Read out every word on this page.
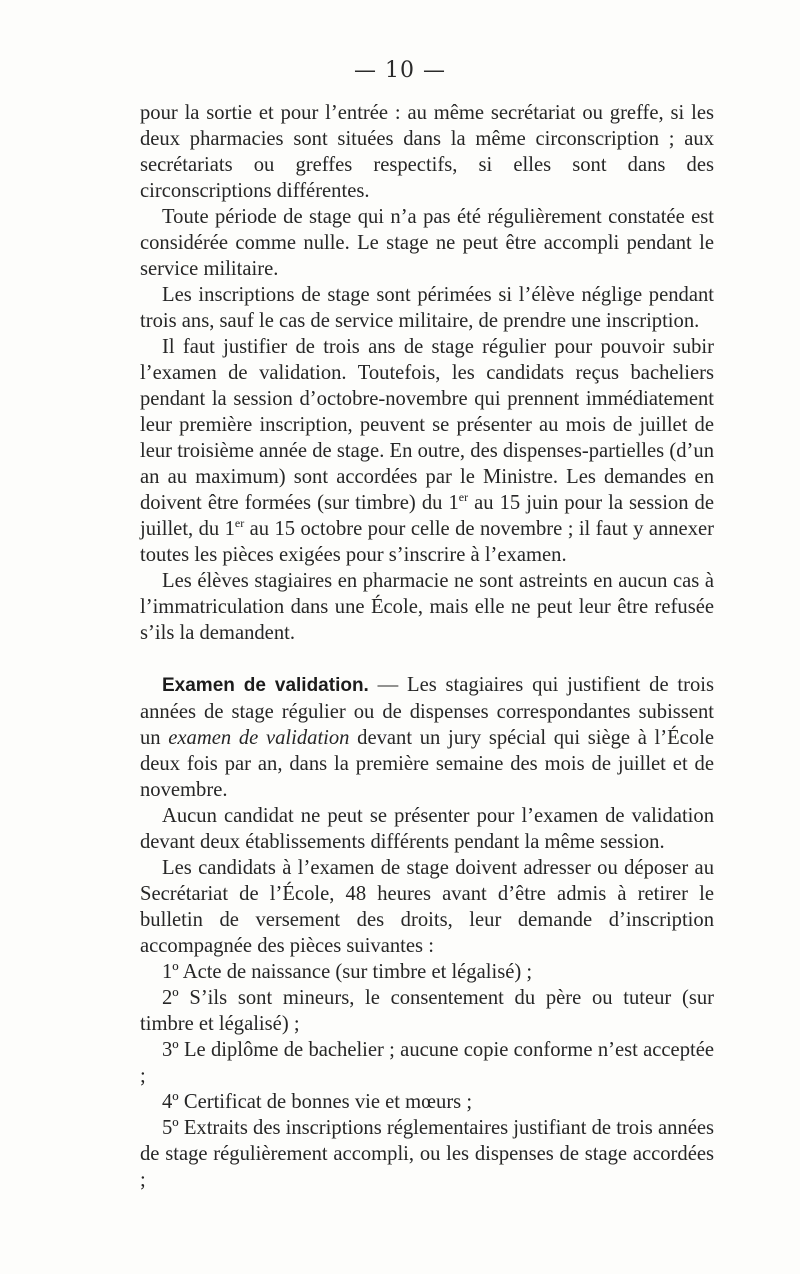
— 10 —

pour la sortie et pour l’entrée : au même secrétariat ou greffe, si les deux pharmacies sont situées dans la même circonscription ; aux secrétariats ou greffes respectifs, si elles sont dans des circonscriptions différentes.

Toute période de stage qui n’a pas été régulièrement constatée est considérée comme nulle. Le stage ne peut être accompli pendant le service militaire.

Les inscriptions de stage sont périmées si l’élève néglige pendant trois ans, sauf le cas de service militaire, de prendre une inscription.

Il faut justifier de trois ans de stage régulier pour pouvoir subir l’examen de validation. Toutefois, les candidats reçus bacheliers pendant la session d’octobre-novembre qui prennent immédiatement leur première inscription, peuvent se présenter au mois de juillet de leur troisième année de stage. En outre, des dispenses-partielles (d’un an au maximum) sont accordées par le Ministre. Les demandes en doivent être formées (sur timbre) du 1er au 15 juin pour la session de juillet, du 1er au 15 octobre pour celle de novembre ; il faut y annexer toutes les pièces exigées pour s’inscrire à l’examen.

Les élèves stagiaires en pharmacie ne sont astreints en aucun cas à l’immatriculation dans une École, mais elle ne peut leur être refusée s’ils la demandent.

Examen de validation. — Les stagiaires qui justifient de trois années de stage régulier ou de dispenses correspondantes subissent un examen de validation devant un jury spécial qui siège à l’École deux fois par an, dans la première semaine des mois de juillet et de novembre.

Aucun candidat ne peut se présenter pour l’examen de validation devant deux établissements différents pendant la même session.

Les candidats à l’examen de stage doivent adresser ou déposer au Secrétariat de l’École, 48 heures avant d’être admis à retirer le bulletin de versement des droits, leur demande d’inscription accompagnée des pièces suivantes :

1º Acte de naissance (sur timbre et légalisé) ;

2º S’ils sont mineurs, le consentement du père ou tuteur (sur timbre et légalisé) ;

3º Le diplôme de bachelier ; aucune copie conforme n’est acceptée ;

4º Certificat de bonnes vie et mœurs ;

5º Extraits des inscriptions réglementaires justifiant de trois années de stage régulièrement accompli, ou les dispenses de stage accordées ;
